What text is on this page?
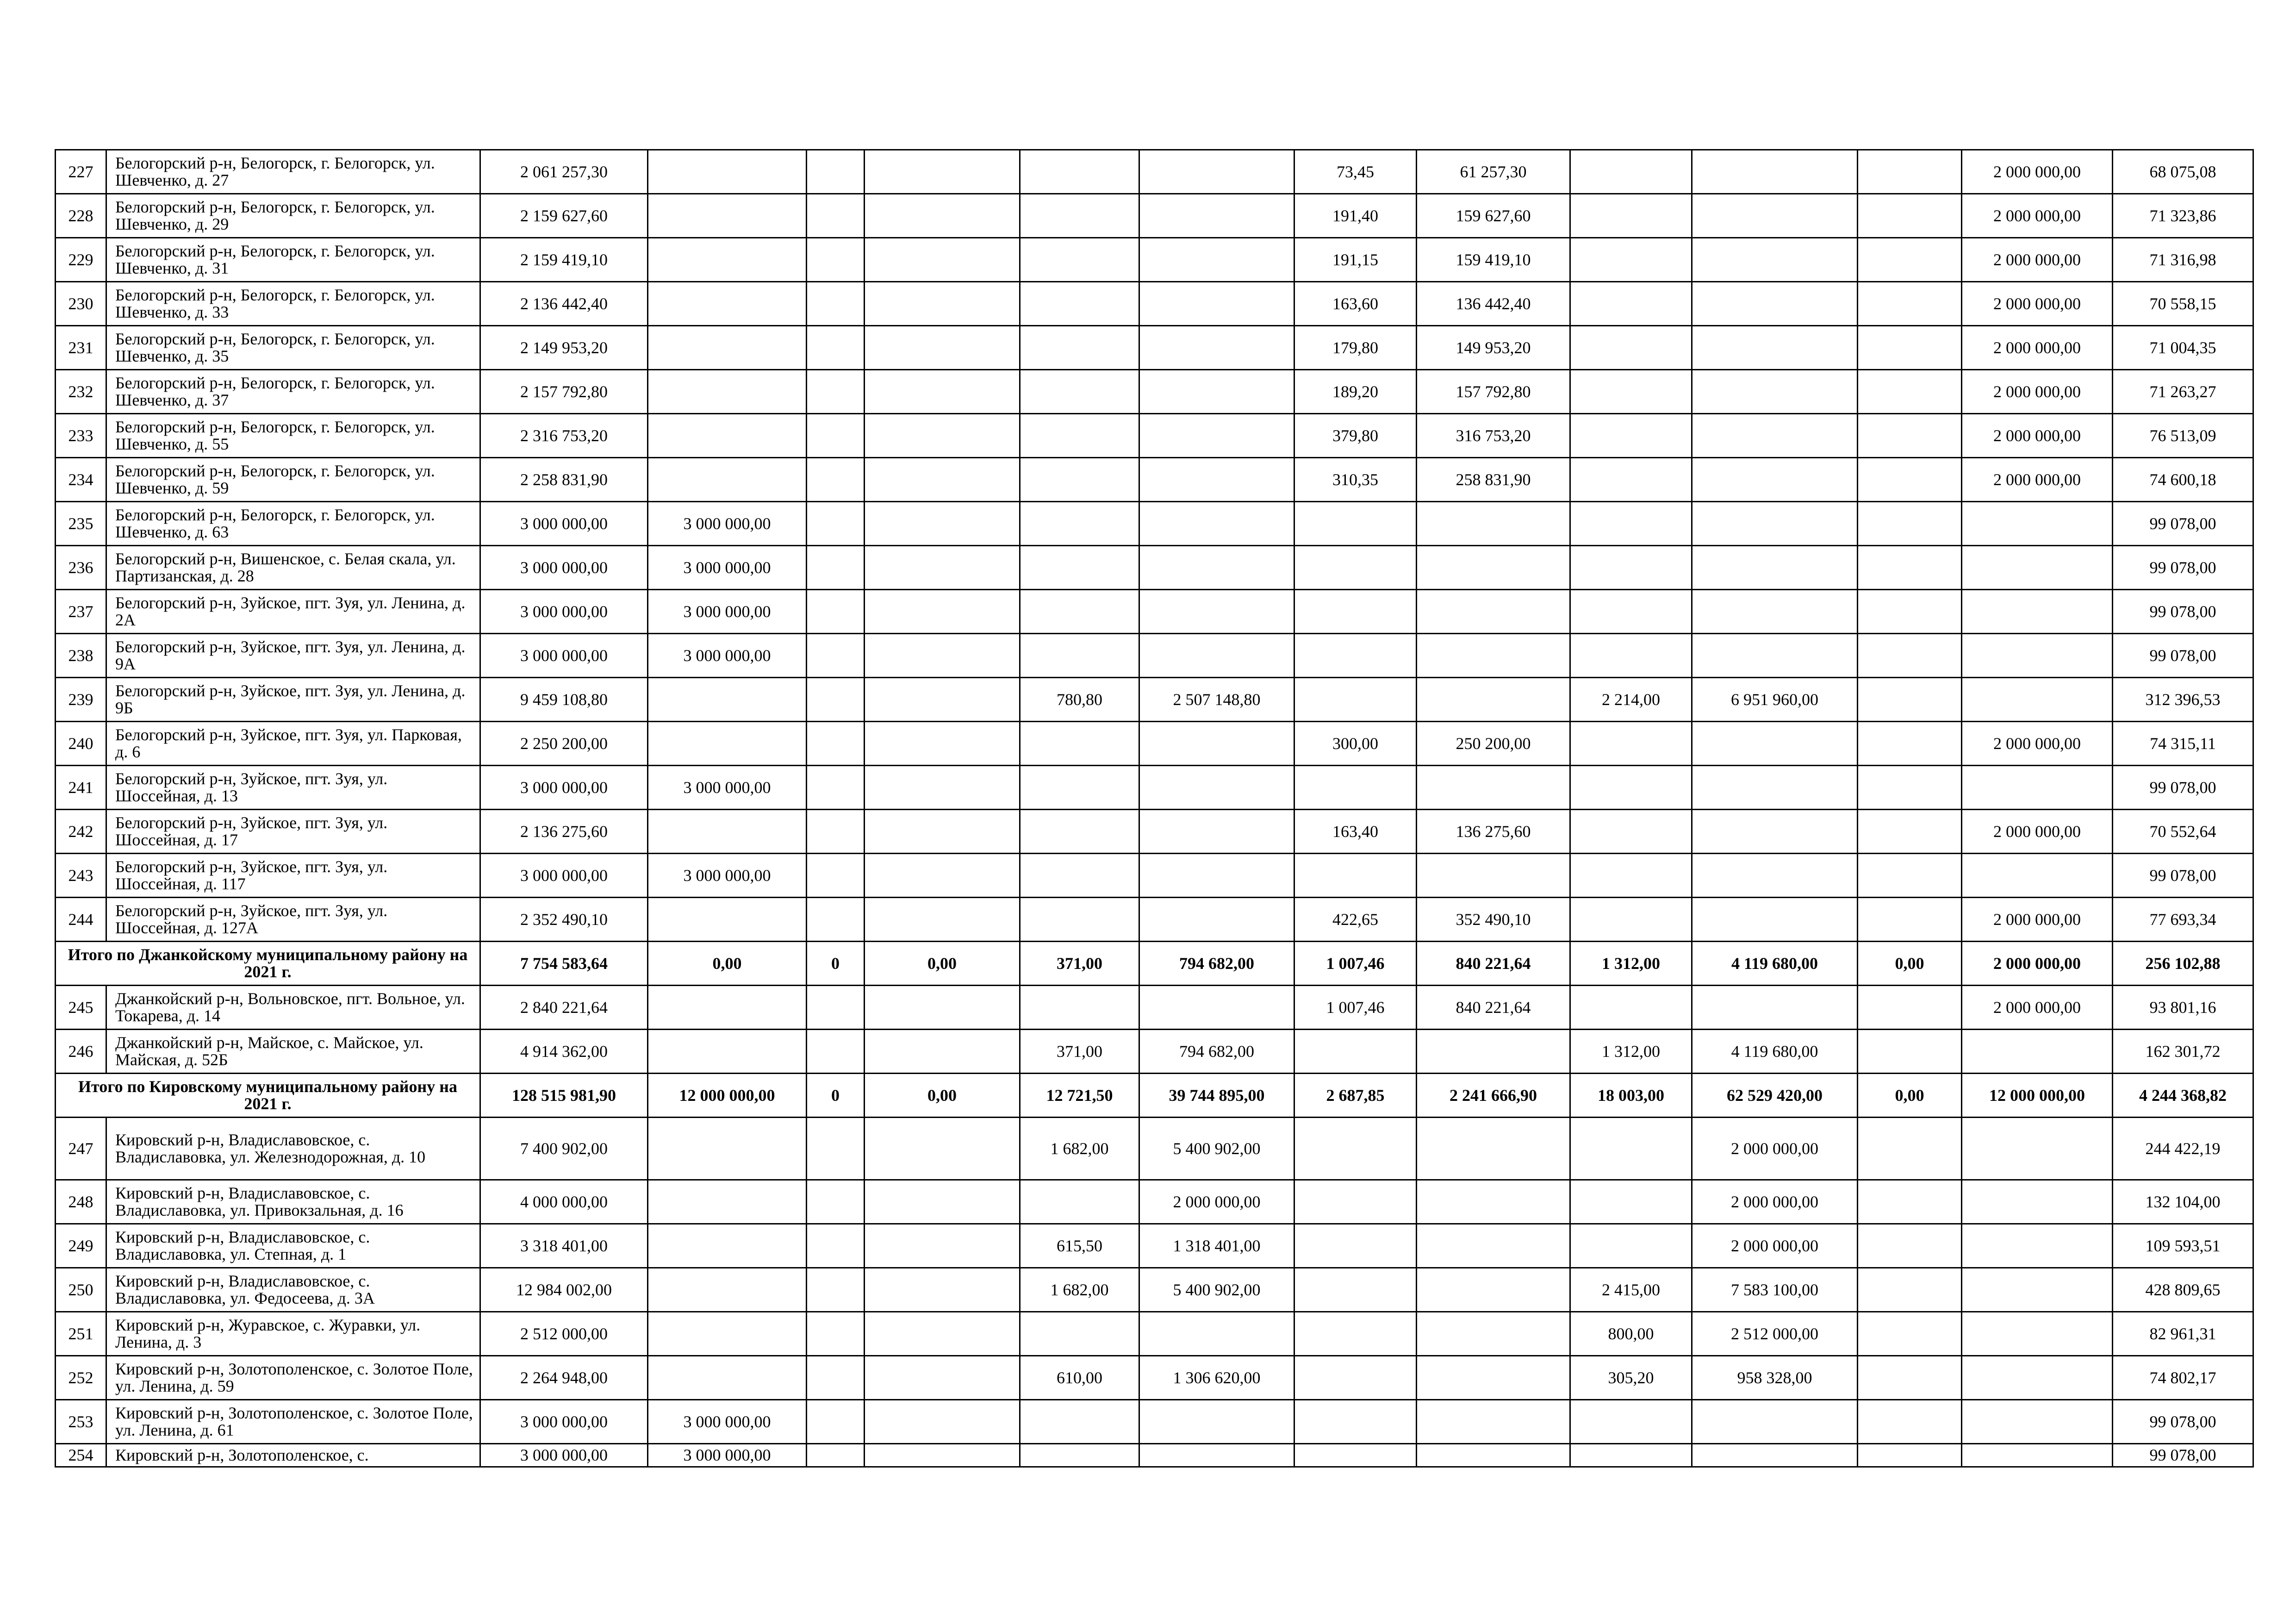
227	Белогорский р-н, Белогорск, г. Белогорск, ул. Шевченко, д. 27	2 061 257,30						73,45	61 257,30				2 000 000,00	68 075,08
228	Белогорский р-н, Белогорск, г. Белогорск, ул. Шевченко, д. 29	2 159 627,60						191,40	159 627,60				2 000 000,00	71 323,86
229	Белогорский р-н, Белогорск, г. Белогорск, ул. Шевченко, д. 31	2 159 419,10						191,15	159 419,10				2 000 000,00	71 316,98
230	Белогорский р-н, Белогорск, г. Белогорск, ул. Шевченко, д. 33	2 136 442,40						163,60	136 442,40				2 000 000,00	70 558,15
231	Белогорский р-н, Белогорск, г. Белогорск, ул. Шевченко, д. 35	2 149 953,20						179,80	149 953,20				2 000 000,00	71 004,35
232	Белогорский р-н, Белогорск, г. Белогорск, ул. Шевченко, д. 37	2 157 792,80						189,20	157 792,80				2 000 000,00	71 263,27
233	Белогорский р-н, Белогорск, г. Белогорск, ул. Шевченко, д. 55	2 316 753,20						379,80	316 753,20				2 000 000,00	76 513,09
234	Белогорский р-н, Белогорск, г. Белогорск, ул. Шевченко, д. 59	2 258 831,90						310,35	258 831,90				2 000 000,00	74 600,18
235	Белогорский р-н, Белогорск, г. Белогорск, ул. Шевченко, д. 63	3 000 000,00	3 000 000,00											99 078,00
236	Белогорский р-н, Вишенское, с. Белая скала, ул. Партизанская, д. 28	3 000 000,00	3 000 000,00											99 078,00
237	Белогорский р-н, Зуйское, пгт. Зуя, ул. Ленина, д. 2А	3 000 000,00	3 000 000,00											99 078,00
238	Белогорский р-н, Зуйское, пгт. Зуя, ул. Ленина, д. 9А	3 000 000,00	3 000 000,00											99 078,00
239	Белогорский р-н, Зуйское, пгт. Зуя, ул. Ленина, д. 9Б	9 459 108,80				780,80	2 507 148,80			2 214,00	6 951 960,00			312 396,53
240	Белогорский р-н, Зуйское, пгт. Зуя, ул. Парковая, д. 6	2 250 200,00						300,00	250 200,00				2 000 000,00	74 315,11
241	Белогорский р-н, Зуйское, пгт. Зуя, ул. Шоссейная, д. 13	3 000 000,00	3 000 000,00											99 078,00
242	Белогорский р-н, Зуйское, пгт. Зуя, ул. Шоссейная, д. 17	2 136 275,60						163,40	136 275,60				2 000 000,00	70 552,64
243	Белогорский р-н, Зуйское, пгт. Зуя, ул. Шоссейная, д. 117	3 000 000,00	3 000 000,00											99 078,00
244	Белогорский р-н, Зуйское, пгт. Зуя, ул. Шоссейная, д. 127А	2 352 490,10						422,65	352 490,10				2 000 000,00	77 693,34
Итого по Джанкойскому муниципальному району на 2021 г.		7 754 583,64	0,00	0	0,00	371,00	794 682,00	1 007,46	840 221,64	1 312,00	4 119 680,00	0,00	2 000 000,00	256 102,88
245	Джанкойский р-н, Вольновское, пгт. Вольное, ул. Токарева, д. 14	2 840 221,64						1 007,46	840 221,64				2 000 000,00	93 801,16
246	Джанкойский р-н, Майское, с. Майское, ул. Майская, д. 52Б	4 914 362,00				371,00	794 682,00			1 312,00	4 119 680,00			162 301,72
Итого по Кировскому муниципальному району на 2021 г.		128 515 981,90	12 000 000,00	0	0,00	12 721,50	39 744 895,00	2 687,85	2 241 666,90	18 003,00	62 529 420,00	0,00	12 000 000,00	4 244 368,82
247	Кировский р-н, Владиславовское, с. Владиславовка, ул. Железнодорожная, д. 10	7 400 902,00				1 682,00	5 400 902,00				2 000 000,00			244 422,19
248	Кировский р-н, Владиславовское, с. Владиславовка, ул. Привокзальная, д. 16	4 000 000,00					2 000 000,00				2 000 000,00			132 104,00
249	Кировский р-н, Владиславовское, с. Владиславовка, ул. Степная, д. 1	3 318 401,00				615,50	1 318 401,00				2 000 000,00			109 593,51
250	Кировский р-н, Владиславовское, с. Владиславовка, ул. Федосеева, д. 3А	12 984 002,00				1 682,00	5 400 902,00			2 415,00	7 583 100,00			428 809,65
251	Кировский р-н, Журавское, с. Журавки, ул. Ленина, д. 3	2 512 000,00								800,00	2 512 000,00			82 961,31
252	Кировский р-н, Золотополенское, с. Золотое Поле, ул. Ленина, д. 59	2 264 948,00				610,00	1 306 620,00			305,20	958 328,00			74 802,17
253	Кировский р-н, Золотополенское, с. Золотое Поле, ул. Ленина, д. 61	3 000 000,00	3 000 000,00											99 078,00
254	Кировский р-н, Золотополенское, с.	3 000 000,00	3 000 000,00											99 078,00
